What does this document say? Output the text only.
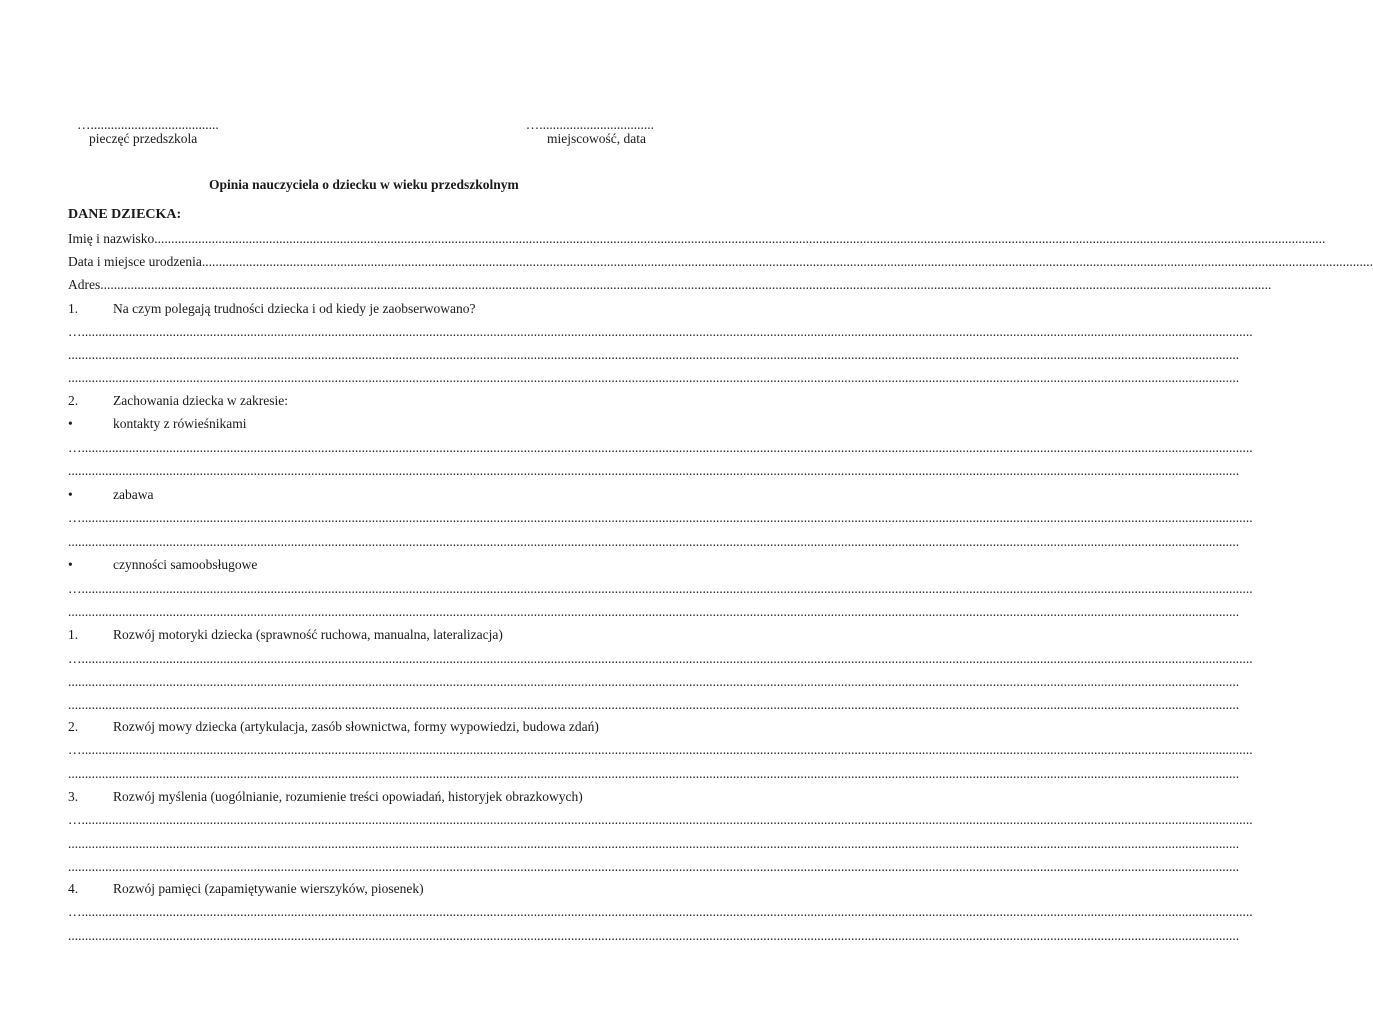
…......................................
pieczęć przedszkola
…..................................
miejscowość, data
Opinia nauczyciela o dziecku w wieku przedszkolnym
DANE DZIECKA:
Imię i nazwisko ...........................................................................................................................................................................................................................................................................................................................................................
Data i miejsce urodzenia ...........................................................................................................................................................................................................................................................................................................................................................
Adres ...........................................................................................................................................................................................................................................................................................................................................................
1.	Na czym polegają trudności dziecka i od kiedy je zaobserwowano?
… ...........................................................................................................................................................................................................................................................................................................................................................
...........................................................................................................................................................................................................................................................................................................................................................
...........................................................................................................................................................................................................................................................................................................................................................
2.	Zachowania dziecka w zakresie:
•	kontakty z rówieśnikami
… ...........................................................................................................................................................................................................................................................................................................................................................
...........................................................................................................................................................................................................................................................................................................................................................
•	zabawa
… ...........................................................................................................................................................................................................................................................................................................................................................
...........................................................................................................................................................................................................................................................................................................................................................
•	czynności samoobsługowe
… ...........................................................................................................................................................................................................................................................................................................................................................
...........................................................................................................................................................................................................................................................................................................................................................
1.	Rozwój motoryki dziecka (sprawność ruchowa, manualna, lateralizacja)
… ...........................................................................................................................................................................................................................................................................................................................................................
...........................................................................................................................................................................................................................................................................................................................................................
...........................................................................................................................................................................................................................................................................................................................................................
2.	Rozwój mowy dziecka (artykulacja, zasób słownictwa, formy wypowiedzi, budowa zdań)
… ...........................................................................................................................................................................................................................................................................................................................................................
...........................................................................................................................................................................................................................................................................................................................................................
3.	Rozwój myślenia (uogólnianie, rozumienie treści opowiadań, historyjek obrazkowych)
… ...........................................................................................................................................................................................................................................................................................................................................................
...........................................................................................................................................................................................................................................................................................................................................................
...........................................................................................................................................................................................................................................................................................................................................................
4.	Rozwój pamięci (zapamiętywanie wierszyków, piosenek)
… ...........................................................................................................................................................................................................................................................................................................................................................
...........................................................................................................................................................................................................................................................................................................................................................
